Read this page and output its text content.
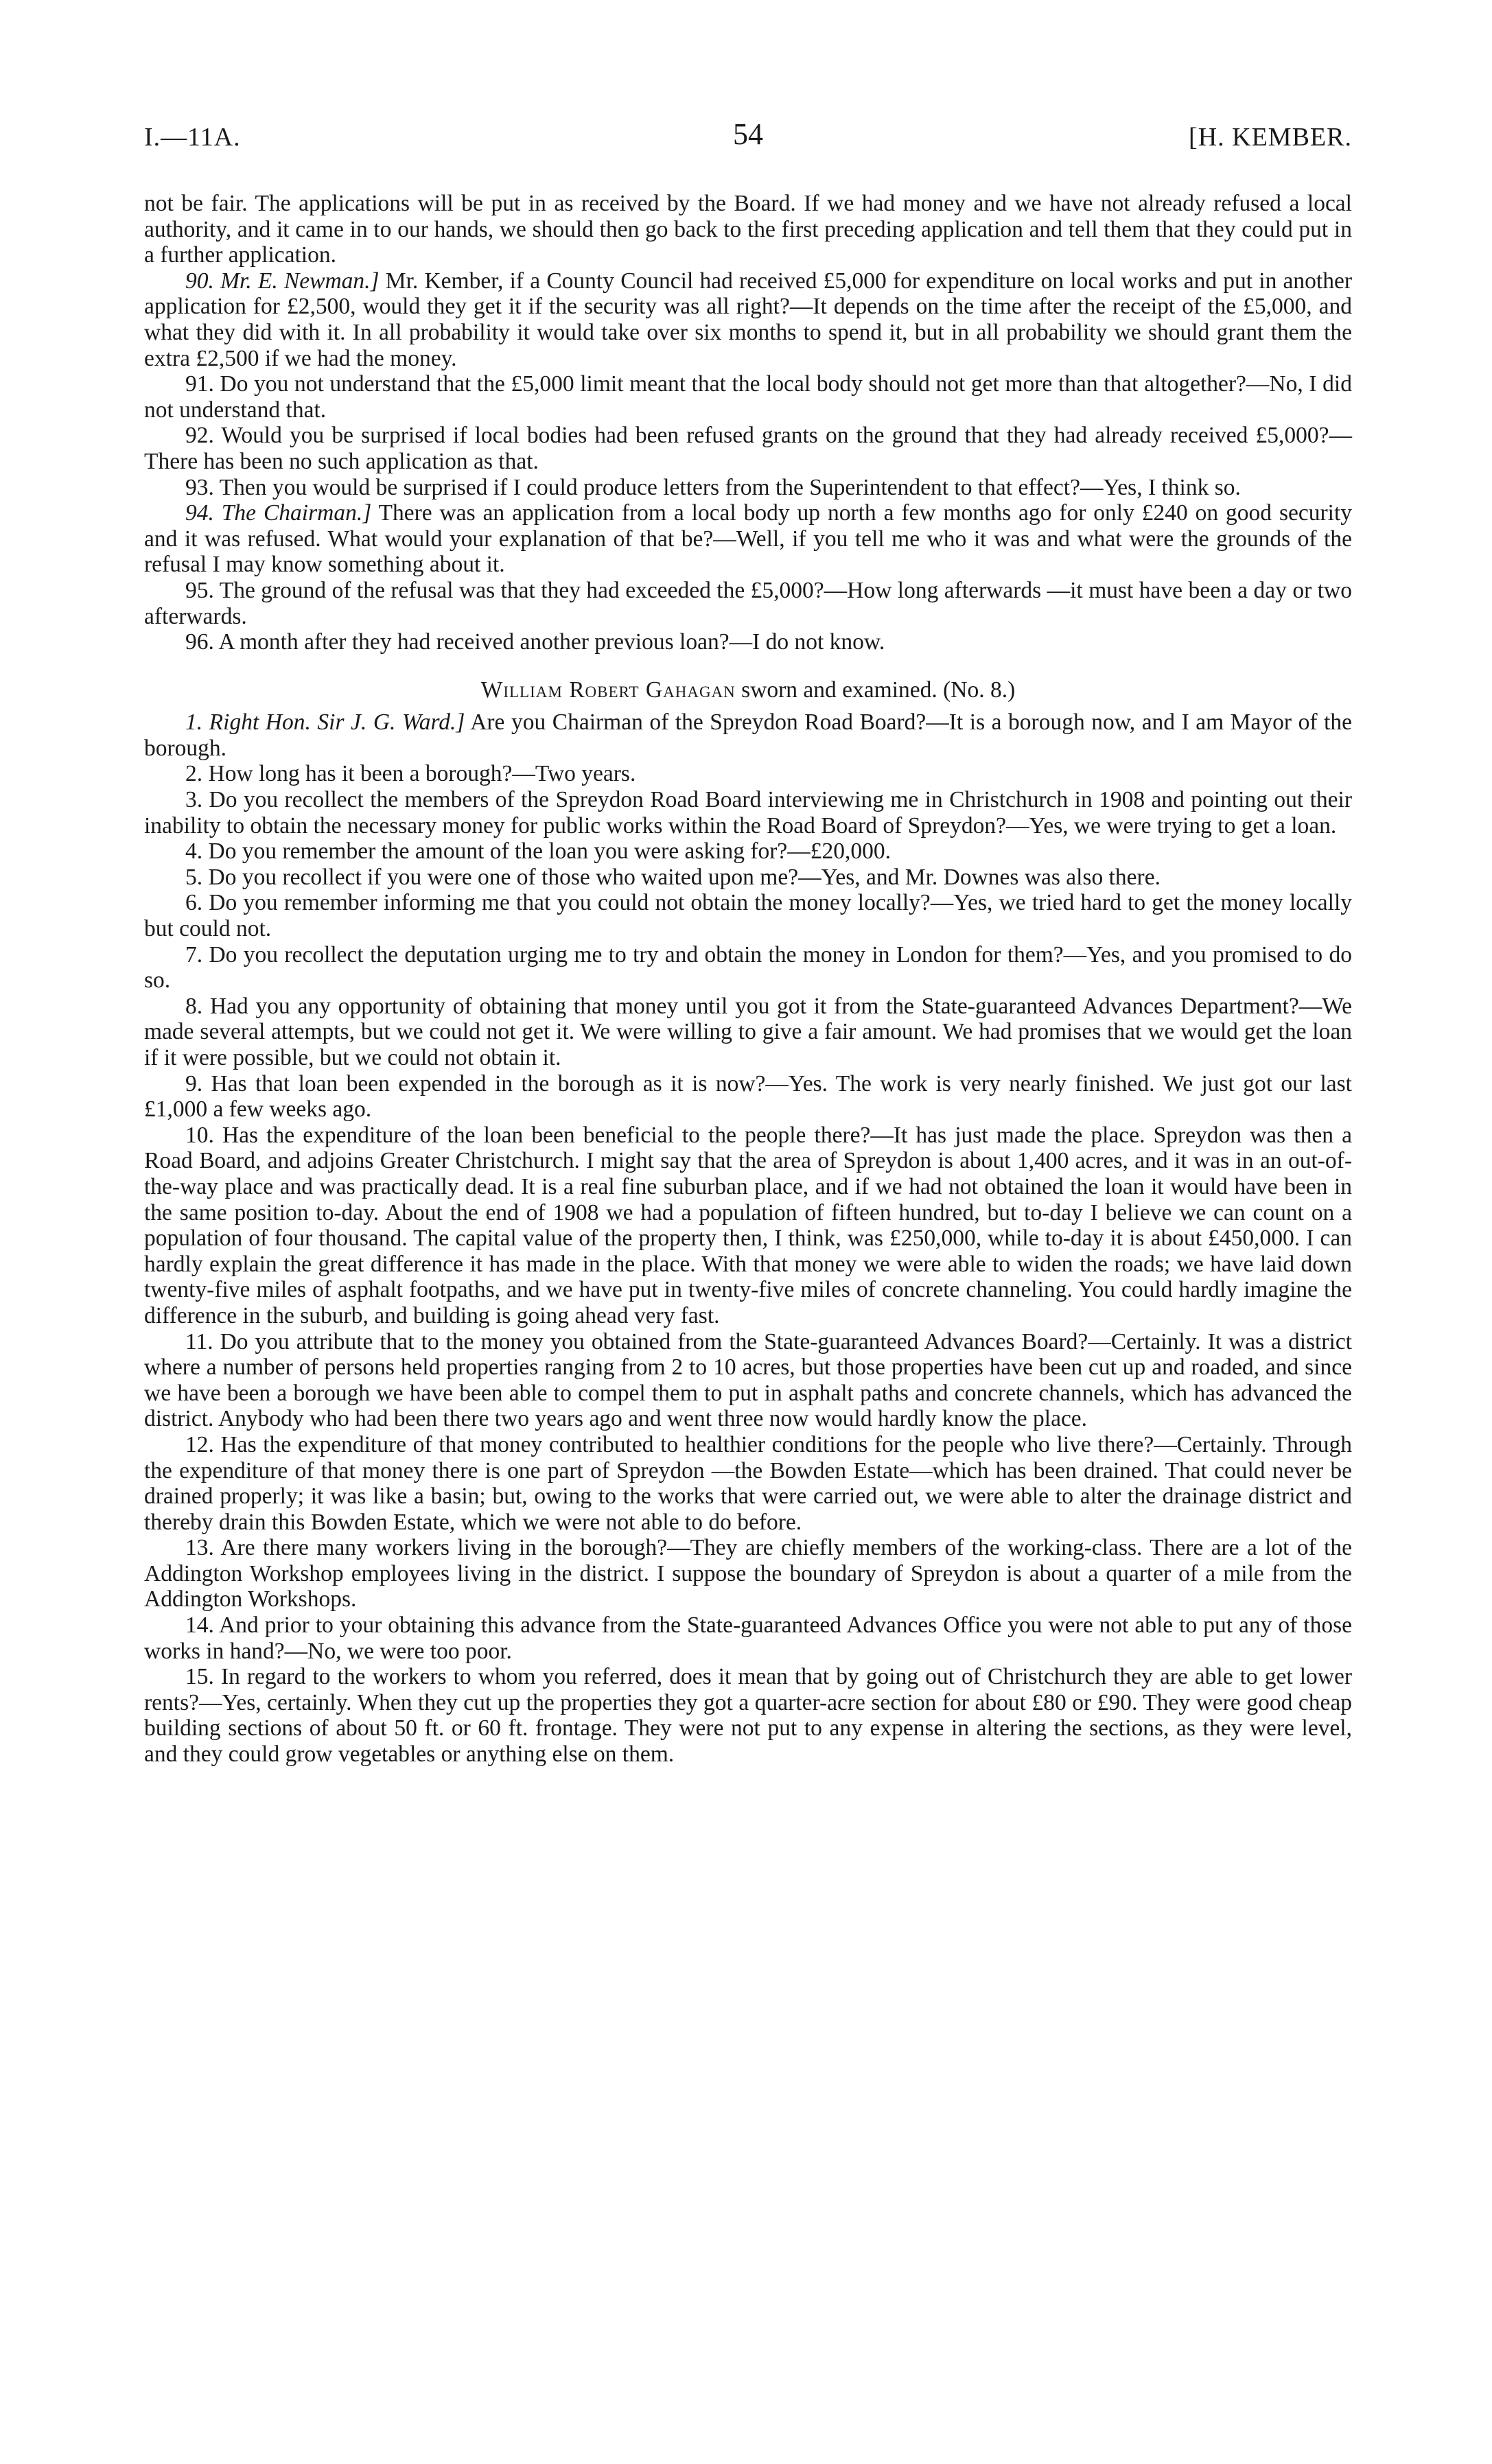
I.—11A.	54	[H. KEMBER.

not be fair. The applications will be put in as received by the Board. If we had money and we have not already refused a local authority, and it came in to our hands, we should then go back to the first preceding application and tell them that they could put in a further application.

90. Mr. E. Newman.] Mr. Kember, if a County Council had received £5,000 for expenditure on local works and put in another application for £2,500, would they get it if the security was all right?—It depends on the time after the receipt of the £5,000, and what they did with it. In all probability it would take over six months to spend it, but in all probability we should grant them the extra £2,500 if we had the money.

91. Do you not understand that the £5,000 limit meant that the local body should not get more than that altogether?—No, I did not understand that.

92. Would you be surprised if local bodies had been refused grants on the ground that they had already received £5,000?—There has been no such application as that.

93. Then you would be surprised if I could produce letters from the Superintendent to that effect?—Yes, I think so.

94. The Chairman.] There was an application from a local body up north a few months ago for only £240 on good security and it was refused. What would your explanation of that be?—Well, if you tell me who it was and what were the grounds of the refusal I may know something about it.

95. The ground of the refusal was that they had exceeded the £5,000?—How long afterwards —it must have been a day or two afterwards.

96. A month after they had received another previous loan?—I do not know.

William Robert Gahagan sworn and examined. (No. 8.)

1. Right Hon. Sir J. G. Ward.] Are you Chairman of the Spreydon Road Board?—It is a borough now, and I am Mayor of the borough.

2. How long has it been a borough?—Two years.

3. Do you recollect the members of the Spreydon Road Board interviewing me in Christchurch in 1908 and pointing out their inability to obtain the necessary money for public works within the Road Board of Spreydon?—Yes, we were trying to get a loan.

4. Do you remember the amount of the loan you were asking for?—£20,000.

5. Do you recollect if you were one of those who waited upon me?—Yes, and Mr. Downes was also there.

6. Do you remember informing me that you could not obtain the money locally?—Yes, we tried hard to get the money locally but could not.

7. Do you recollect the deputation urging me to try and obtain the money in London for them?—Yes, and you promised to do so.

8. Had you any opportunity of obtaining that money until you got it from the State-guaranteed Advances Department?—We made several attempts, but we could not get it. We were willing to give a fair amount. We had promises that we would get the loan if it were possible, but we could not obtain it.

9. Has that loan been expended in the borough as it is now?—Yes. The work is very nearly finished. We just got our last £1,000 a few weeks ago.

10. Has the expenditure of the loan been beneficial to the people there?—It has just made the place. Spreydon was then a Road Board, and adjoins Greater Christchurch. I might say that the area of Spreydon is about 1,400 acres, and it was in an out-of-the-way place and was practically dead. It is a real fine suburban place, and if we had not obtained the loan it would have been in the same position to-day. About the end of 1908 we had a population of fifteen hundred, but to-day I believe we can count on a population of four thousand. The capital value of the property then, I think, was £250,000, while to-day it is about £450,000. I can hardly explain the great difference it has made in the place. With that money we were able to widen the roads; we have laid down twenty-five miles of asphalt footpaths, and we have put in twenty-five miles of concrete channeling. You could hardly imagine the difference in the suburb, and building is going ahead very fast.

11. Do you attribute that to the money you obtained from the State-guaranteed Advances Board?—Certainly. It was a district where a number of persons held properties ranging from 2 to 10 acres, but those properties have been cut up and roaded, and since we have been a borough we have been able to compel them to put in asphalt paths and concrete channels, which has advanced the district. Anybody who had been there two years ago and went three now would hardly know the place.

12. Has the expenditure of that money contributed to healthier conditions for the people who live there?—Certainly. Through the expenditure of that money there is one part of Spreydon —the Bowden Estate—which has been drained. That could never be drained properly; it was like a basin; but, owing to the works that were carried out, we were able to alter the drainage district and thereby drain this Bowden Estate, which we were not able to do before.

13. Are there many workers living in the borough?—They are chiefly members of the working-class. There are a lot of the Addington Workshop employees living in the district. I suppose the boundary of Spreydon is about a quarter of a mile from the Addington Workshops.

14. And prior to your obtaining this advance from the State-guaranteed Advances Office you were not able to put any of those works in hand?—No, we were too poor.

15. In regard to the workers to whom you referred, does it mean that by going out of Christchurch they are able to get lower rents?—Yes, certainly. When they cut up the properties they got a quarter-acre section for about £80 or £90. They were good cheap building sections of about 50 ft. or 60 ft. frontage. They were not put to any expense in altering the sections, as they were level, and they could grow vegetables or anything else on them.
